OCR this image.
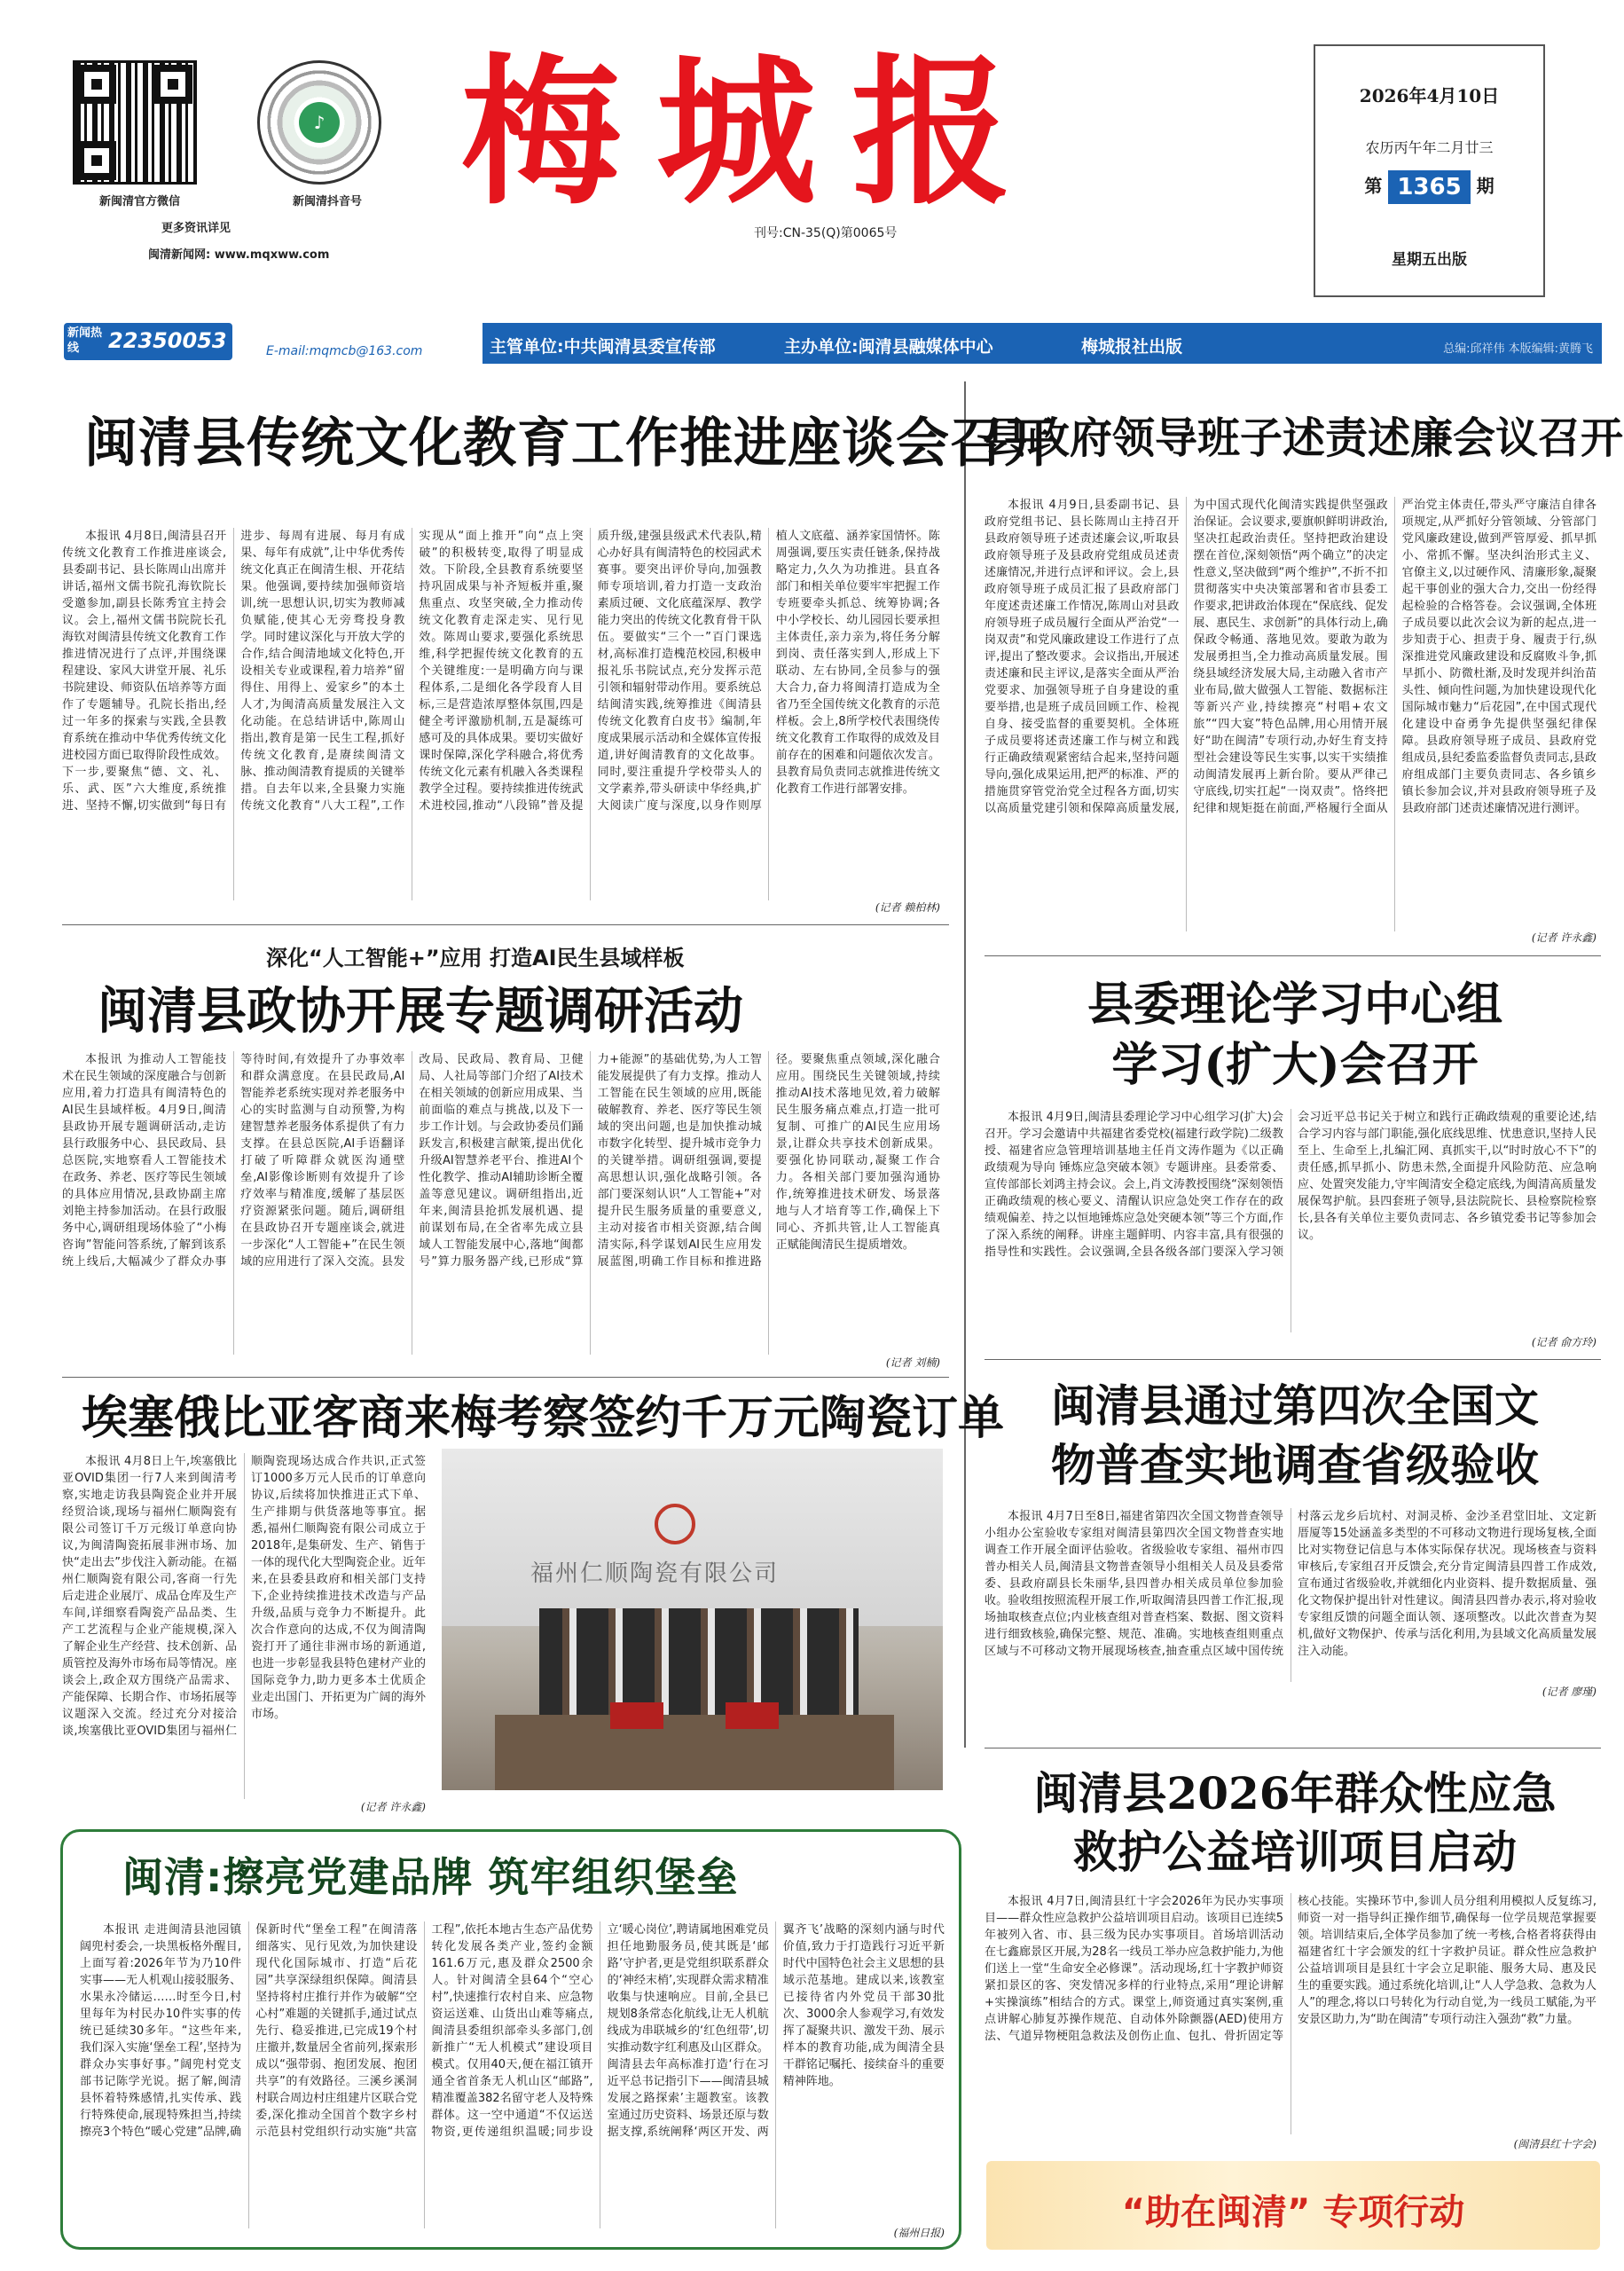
♪
新闽清官方微信	新闽清抖音号
更多资讯详见
闽清新闻网: www.mqxww.com
梅城报
刊号:CN-35(Q)第0065号
2026年4月10日
农历丙午年二月廿三
第 1365 期
星期五出版
新闻热线	22350053	E-mail:mqmcb@163.com	主管单位:中共闽清县委宣传部	主办单位:闽清县融媒体中心	梅城报社出版	总编:邱祥伟 本版编辑:黄腾飞
闽清县传统文化教育工作推进座谈会召开

本报讯 4月8日,闽清县召开传统文化教育工作推进座谈会,县委副书记、县长陈周山出席并讲话,福州文儒书院孔海钦院长受邀参加,副县长陈秀宜主持会议。会上,福州文儒书院院长孔海钦对闽清县传统文化教育工作推进情况进行了点评,并围绕课程建设、家风大讲堂开展、礼乐书院建设、师资队伍培养等方面作了专题辅导。孔院长指出,经过一年多的探索与实践,全县教育系统在推动中华优秀传统文化进校园方面已取得阶段性成效。下一步,要聚焦“德、文、礼、乐、武、医”六大维度,系统推进、坚持不懈,切实做到“每日有进步、每周有进展、每月有成果、每年有成就”,让中华优秀传统文化真正在闽清生根、开花结果。他强调,要持续加强师资培训,统一思想认识,切实为教师减负赋能,使其心无旁骛投身教学。同时建议深化与开放大学的合作,结合闽清地域文化特色,开设相关专业或课程,着力培养“留得住、用得上、爱家乡”的本土人才,为闽清高质量发展注入文化动能。在总结讲话中,陈周山指出,教育是第一民生工程,抓好传统文化教育,是赓续闽清文脉、推动闽清教育提质的关键举措。自去年以来,全县聚力实施传统文化教育“八大工程”,工作实现从“面上推开”向“点上突破”的积极转变,取得了明显成效。下阶段,全县教育系统要坚持巩固成果与补齐短板并重,聚焦重点、攻坚突破,全力推动传统文化教育走深走实、见行见效。陈周山要求,要强化系统思维,科学把握传统文化教育的五个关键维度:一是明确方向与课程体系,二是细化各学段育人目标,三是营造浓厚整体氛围,四是健全考评激励机制,五是凝练可感可及的具体成果。要切实做好课时保障,深化学科融合,将优秀传统文化元素有机融入各类课程教学全过程。要持续推进传统武术进校园,推动“八段锦”普及提质升级,建强县级武术代表队,精心办好具有闽清特色的校园武术赛事。要突出评价导向,加强教师专项培训,着力打造一支政治素质过硬、文化底蕴深厚、教学能力突出的传统文化教育骨干队伍。要做实“三个一”百门课选材,高标准打造槐范校园,积极申报礼乐书院试点,充分发挥示范引领和辐射带动作用。要系统总结闽清实践,统筹推进《闽清县传统文化教育白皮书》编制,年度成果展示活动和全媒体宣传报道,讲好闽清教育的文化故事。同时,要注重提升学校带头人的文学素养,带头研读中华经典,扩大阅读广度与深度,以身作则厚植人文底蕴、涵养家国情怀。陈周强调,要压实责任链条,保持战略定力,久久为功推进。县直各部门和相关单位要牢牢把握工作专班要牵头抓总、统筹协调;各中小学校长、幼儿园园长要承担主体责任,亲力亲为,将任务分解到岗、责任落实到人,形成上下联动、左右协同,全员参与的强大合力,奋力将闽清打造成为全省乃至全国传统文化教育的示范样板。会上,8所学校代表围绕传统文化教育工作取得的成效及目前存在的困难和问题依次发言。县教育局负责同志就推进传统文化教育工作进行部署安排。

(记者 赖柏林)
深化“人工智能+”应用 打造AI民生县域样板
闽清县政协开展专题调研活动

本报讯 为推动人工智能技术在民生领域的深度融合与创新应用,着力打造具有闽清特色的AI民生县域样板。4月9日,闽清县政协开展专题调研活动,走访县行政服务中心、县民政局、县总医院,实地察看人工智能技术在政务、养老、医疗等民生领域的具体应用情况,县政协副主席刘艳主持参加活动。在县行政服务中心,调研组现场体验了“小梅咨询”智能问答系统,了解到该系统上线后,大幅减少了群众办事等待时间,有效提升了办事效率和群众满意度。在县民政局,AI智能养老系统实现对养老服务中心的实时监测与自动预警,为构建智慧养老服务体系提供了有力支撑。在县总医院,AI手语翻译打破了听障群众就医沟通壁垒,AI影像诊断则有效提升了诊疗效率与精准度,缓解了基层医疗资源紧张问题。随后,调研组在县政协召开专题座谈会,就进一步深化“人工智能+”在民生领域的应用进行了深入交流。县发改局、民政局、教育局、卫健局、人社局等部门介绍了AI技术在相关领域的创新应用成果、当前面临的难点与挑战,以及下一步工作计划。与会政协委员们踊跃发言,积极建言献策,提出优化升级AI智慧养老平台、推进AI个性化教学、推动AI辅助诊断全覆盖等意见建议。调研组指出,近年来,闽清县抢抓发展机遇、提前谋划布局,在全省率先成立县域人工智能发展中心,落地“闽都号”算力服务器产线,已形成“算力+能源”的基础优势,为人工智能发展提供了有力支撑。推动人工智能在民生领域的应用,既能破解教育、养老、医疗等民生领域的突出问题,也是加快推动城市数字化转型、提升城市竞争力的关键举措。调研组强调,要提高思想认识,强化战略引领。各部门要深刻认识“人工智能+”对提升民生服务质量的重要意义,主动对接省市相关资源,结合闽清实际,科学谋划AI民生应用发展蓝图,明确工作目标和推进路径。要聚焦重点领域,深化融合应用。围绕民生关键领域,持续推动AI技术落地见效,着力破解民生服务痛点难点,打造一批可复制、可推广的AI民生应用场景,让群众共享技术创新成果。要强化协同联动,凝聚工作合力。各相关部门要加强沟通协作,统筹推进技术研发、场景落地与人才培育等工作,确保上下同心、齐抓共管,让人工智能真正赋能闽清民生提质增效。

(记者 刘楠)
埃塞俄比亚客商来梅考察签约千万元陶瓷订单

本报讯 4月8日上午,埃塞俄比亚OVID集团一行7人来到闽清考察,实地走访我县陶瓷企业并开展经贸洽谈,现场与福州仁顺陶瓷有限公司签订千万元级订单意向协议,为闽清陶瓷拓展非洲市场、加快“走出去”步伐注入新动能。在福州仁顺陶瓷有限公司,客商一行先后走进企业展厅、成品仓库及生产车间,详细察看陶瓷产品品类、生产工艺流程与企业产能规模,深入了解企业生产经营、技术创新、品质管控及海外市场布局等情况。座谈会上,政企双方围绕产品需求、产能保障、长期合作、市场拓展等议题深入交流。经过充分对接洽谈,埃塞俄比亚OVID集团与福州仁顺陶瓷现场达成合作共识,正式签订1000多万元人民币的订单意向协议,后续将加快推进正式下单、生产排期与供货落地等事宜。据悉,福州仁顺陶瓷有限公司成立于2018年,是集研发、生产、销售于一体的现代化大型陶瓷企业。近年来,在县委县政府和相关部门支持下,企业持续推进技术改造与产品升级,品质与竞争力不断提升。此次合作意向的达成,不仅为闽清陶瓷打开了通往非洲市场的新通道,也进一步彰显我县特色建材产业的国际竞争力,助力更多本土优质企业走出国门、开拓更为广阔的海外市场。

福州仁顺陶瓷有限公司
(记者 许永鑫)
闽清:擦亮党建品牌 筑牢组织堡垒

本报讯 走进闽清县池园镇阔兜村委会,一块黑板格外醒目,上面写着:2026年节为乃10件实事——无人机观山接驳服务、水果永冷储运……时至今日,村里每年为村民办10件实事的传统已延续30多年。“这些年来,我们深入实施‘堡垒工程’,坚持为群众办实事好事。”阔兜村党支部书记陈学光说。据了解,闽清县怀着特殊感情,扎实传承、践行特殊使命,展现特殊担当,持续擦亮3个特色“暖心党建”品牌,确保新时代“堡垒工程”在闽清落细落实、见行见效,为加快建设现代化国际城市、打造“后花园”共享深绿组织保障。闽清县坚持将村庄推行并作为破解“空心村”难题的关键抓手,通过试点先行、稳妥推进,已完成19个村庄撤并,数量居全省前列,探索形成以“强带弱、抱团发展、抱团共享”的有效路径。三溪乡溪洞村联合周边村庄组建片区联合党委,深化推动全国首个数字乡村示范县村党组织行动实施“共富工程”,依托本地古生态产品优势转化发展各类产业,签约金额161.6万元,惠及群众2500余人。针对闽清全县64个“空心村”,快速推行农村自来、应急物资运送难、山货出山难等痛点,闽清县委组织部牵头多部门,创新推广“无人机模式”建设项目模式。仅用40天,便在福江镇开通全省首条无人机山区“邮路”,精准覆盖382名留守老人及特殊群体。这一空中通道“不仅运送物资,更传递组织温暖;同步设立‘暖心岗位’,聘请属地困难党员担任地勤服务员,使其既是‘邮路’守护者,更是党组织联系群众的‘神经末梢’,实现群众需求精准收集与快速响应。目前,全县已规划8条常态化航线,让无人机航线成为串联城乡的‘红色纽带’,切实推动数字红利惠及山区群众。闽清县去年高标准打造‘行在习近平总书记指引下——闽清县城发展之路探索’主题教室。该教室通过历史资料、场景还原与数据支撑,系统阐释‘两区开发、两翼齐飞’战略的深刻内涵与时代价值,致力于打造践行习近平新时代中国特色社会主义思想的县域示范基地。建成以来,该教室已接待省内外党员干部30批次、3000余人参观学习,有效发挥了凝聚共识、激发干劲、展示样本的教育功能,成为闽清全县干群铭记嘱托、接续奋斗的重要精神阵地。

(福州日报)
县政府领导班子述责述廉会议召开

本报讯 4月9日,县委副书记、县政府党组书记、县长陈周山主持召开县政府领导班子述责述廉会议,听取县政府领导班子及县政府党组成员述责述廉情况,并进行点评和评议。会上,县政府领导班子成员汇报了县政府部门年度述责述廉工作情况,陈周山对县政府领导班子成员履行全面从严治党“一岗双责”和党风廉政建设工作进行了点评,提出了整改要求。会议指出,开展述责述廉和民主评议,是落实全面从严治党要求、加强领导班子自身建设的重要举措,也是班子成员回顾工作、检视自身、接受监督的重要契机。全体班子成员要将述责述廉工作与树立和践行正确政绩观紧密结合起来,坚持问题导向,强化成果运用,把严的标准、严的措施贯穿管党治党全过程各方面,切实以高质量党建引领和保障高质量发展,为中国式现代化闽清实践提供坚强政治保证。会议要求,要旗帜鲜明讲政治,坚决扛起政治责任。坚持把政治建设摆在首位,深刻领悟“两个确立”的决定性意义,坚决做到“两个维护”,不折不扣贯彻落实中央决策部署和省市县委工作要求,把讲政治体现在“保底线、促发展、惠民生、求创新”的具体行动上,确保政令畅通、落地见效。要敢为敢为发展勇担当,全力推动高质量发展。围绕县域经济发展大局,主动融入省市产业布局,做大做强人工智能、数据标注等新兴产业,持续擦亮“村唱+农文旅”“四大宴”特色品牌,用心用情开展好“助在闽清”专项行动,办好生育支持型社会建设等民生实事,以实干实绩推动闽清发展再上新台阶。要从严律己守底线,切实扛起“一岗双责”。恪终把纪律和规矩挺在前面,严格履行全面从严治党主体责任,带头严守廉洁自律各项规定,从严抓好分管领域、分管部门党风廉政建设,做到严管厚爱、抓早抓小、常抓不懈。坚决纠治形式主义、官僚主义,以过硬作风、清廉形象,凝聚起干事创业的强大合力,交出一份经得起检验的合格答卷。会议强调,全体班子成员要以此次会议为新的起点,进一步知责于心、担责于身、履责于行,纵深推进党风廉政建设和反腐败斗争,抓早抓小、防微杜渐,及时发现并纠治苗头性、倾向性问题,为加快建设现代化国际城市魅力“后花园”,在中国式现代化建设中奋勇争先提供坚强纪律保障。县政府领导班子成员、县政府党组成员,县纪委监委监督负责同志,县政府组成部门主要负责同志、各乡镇乡镇长参加会议,并对县政府领导班子及县政府部门述责述廉情况进行测评。

(记者 许永鑫)
县委理论学习中心组
学习(扩大)会召开

本报讯 4月9日,闽清县委理论学习中心组学习(扩大)会召开。学习会邀请中共福建省委党校(福建行政学院)二级教授、福建省应急管理培训基地主任肖文涛作题为《以正确政绩观为导向 锤炼应急突破本领》专题讲座。县委常委、宣传部部长刘鸿主持会议。会上,肖文涛教授围绕“深刻领悟正确政绩观的核心要义、清醒认识应急处突工作存在的政绩观偏差、持之以恒地锤炼应急处突硬本领”等三个方面,作了深入系统的阐释。讲座主题鲜明、内容丰富,具有很强的指导性和实践性。会议强调,全县各级各部门要深入学习领会习近平总书记关于树立和践行正确政绩观的重要论述,结合学习内容与部门职能,强化底线思维、忧患意识,坚持人民至上、生命至上,扎编汇网、真抓实干,以“时时放心不下”的责任感,抓早抓小、防患未然,全面提升风险防范、应急响应、处置突发能力,守牢闽清安全稳定底线,为闽清高质量发展保驾护航。县四套班子领导,县法院院长、县检察院检察长,县各有关单位主要负责同志、各乡镇党委书记等参加会议。

(记者 俞方玲)
闽清县通过第四次全国文
物普查实地调查省级验收

本报讯 4月7日至8日,福建省第四次全国文物普查领导小组办公室验收专家组对闽清县第四次全国文物普查实地调查工作开展全面评估验收。省级验收专家组、福州市四普办相关人员,闽清县文物普查领导小组相关人员及县委常委、县政府副县长朱丽华,县四普办相关成员单位参加验收。验收组按照流程开展工作,听取闽清县四普工作汇报,现场抽取核查点位;内业核查组对普查档案、数据、图文资料进行细致核验,确保完整、规范、准确。实地核查组则重点区域与不可移动文物开展现场核查,抽查重点区域中国传统村落云龙乡后坑村、对洞灵桥、金沙圣君堂旧址、文定新厝厦等15处涵盖多类型的不可移动文物进行现场复核,全面比对实物登记信息与本体实际保存状况。现场核查与资料审核后,专家组召开反馈会,充分肯定闽清县四普工作成效,宣布通过省级验收,并就细化内业资料、提升数据质量、强化文物保护提出针对性建议。闽清县四普办表示,将对验收专家组反馈的问题全面认领、逐项整改。以此次普查为契机,做好文物保护、传承与活化利用,为县域文化高质量发展注入动能。

(记者 廖瑾)
闽清县2026年群众性应急
救护公益培训项目启动

本报讯 4月7日,闽清县红十字会2026年为民办实事项目——群众性应急救护公益培训项目启动。该项目已连续5年被列入省、市、县三级为民办实事项目。首场培训活动在七鑫廊景区开展,为28名一线员工举办应急救护能力,为他们送上一堂“生命安全必修课”。活动现场,红十字教护师资紧扣景区的客、突发情况多样的行业特点,采用“理论讲解+实操演练”相结合的方式。课堂上,师资通过真实案例,重点讲解心肺复苏操作规范、自动体外除颤器(AED)使用方法、气道异物梗阻急救法及创伤止血、包扎、骨折固定等核心技能。实操环节中,参训人员分组利用模拟人反复练习,师资一对一指导纠正操作细节,确保每一位学员规范掌握要领。培训结束后,全体学员参加了统一考核,合格者将获得由福建省红十字会颁发的红十字救护员证。群众性应急救护公益培训项目是县红十字会立足职能、服务大局、惠及民生的重要实践。通过系统化培训,让“人人学急救、急救为人人”的理念,将以口号转化为行动自觉,为一线员工赋能,为平安景区助力,为“助在闽清”专项行动注入强劲“救”力量。

(闽清县红十字会)
“助在闽清” 专项行动
